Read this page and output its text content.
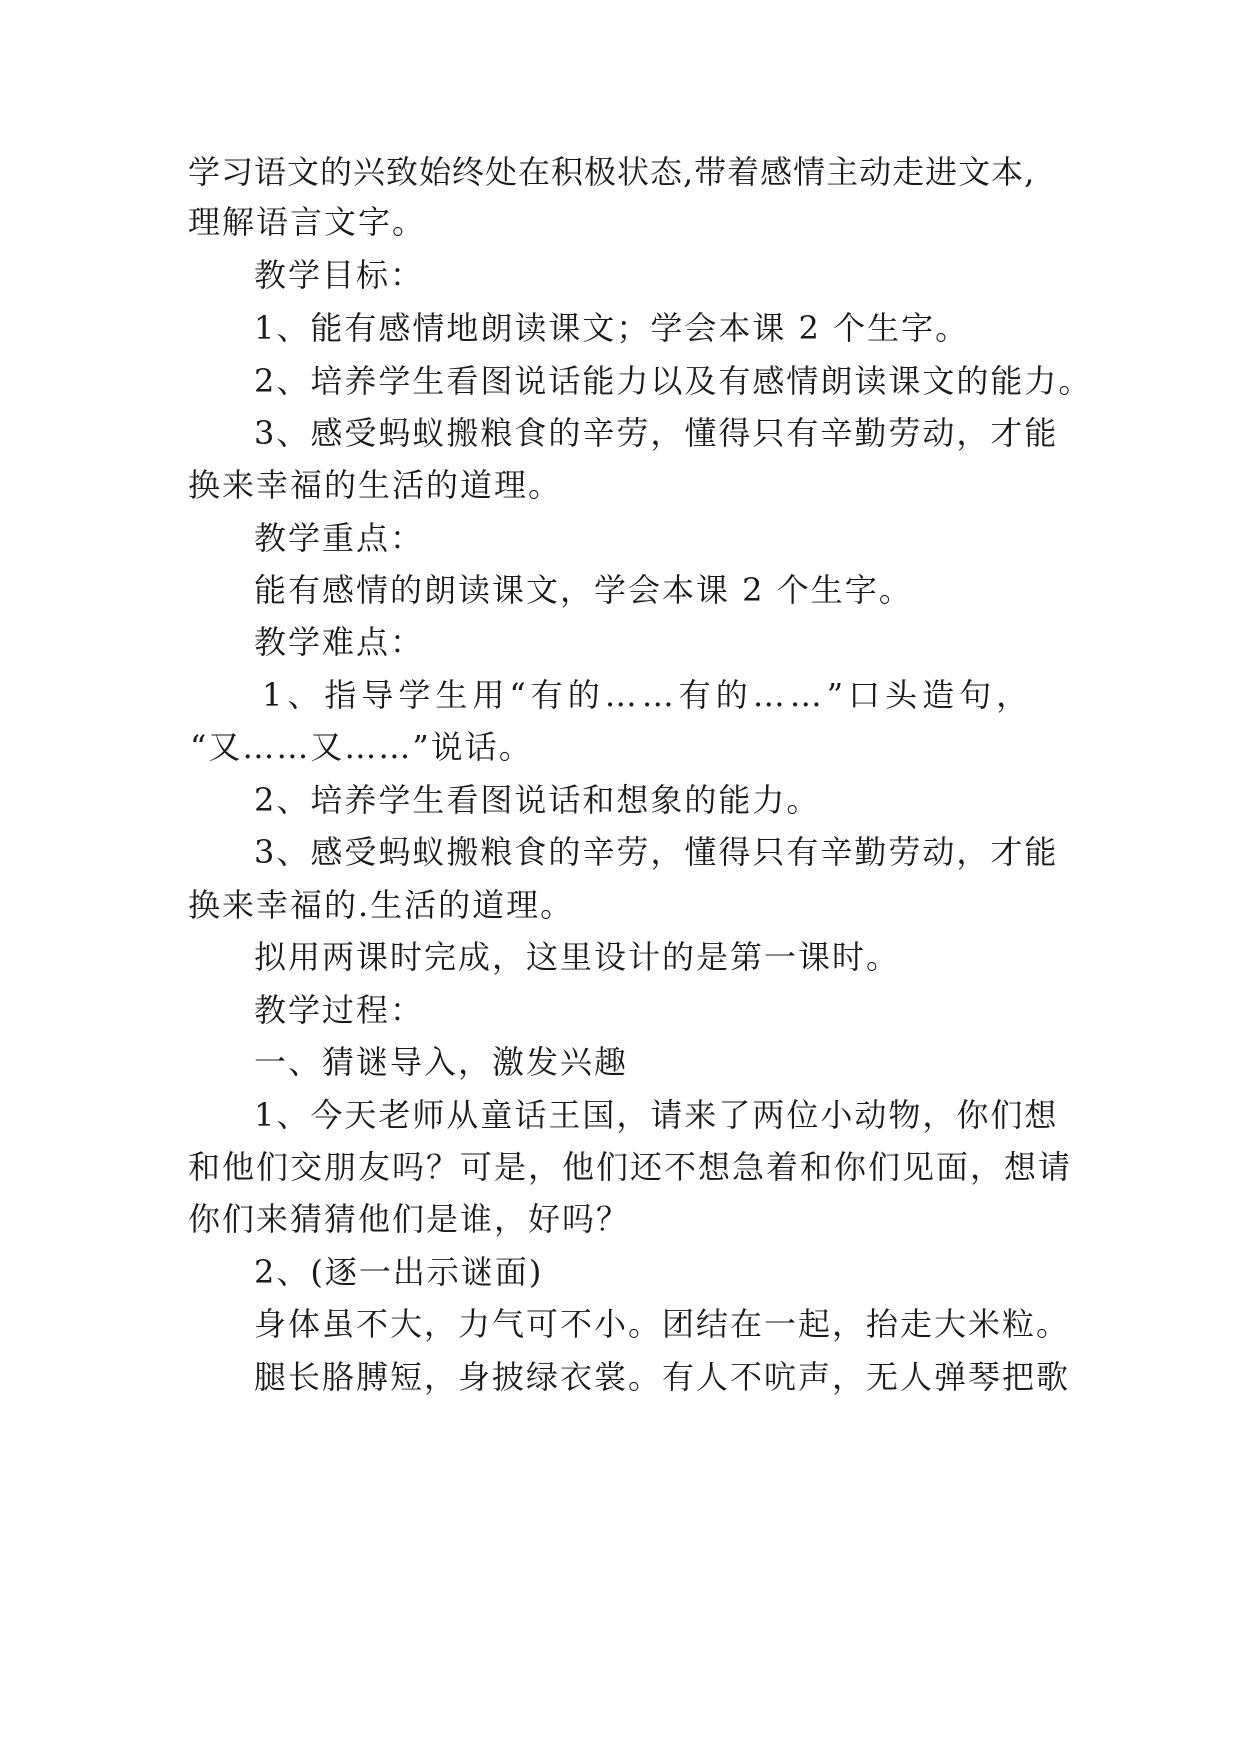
学习语文的兴致始终处在积极状态,带着感情主动走进文本,
理解语言文字。
教学目标：
1、能有感情地朗读课文；学会本课 2 个生字。
2、培养学生看图说话能力以及有感情朗读课文的能力。
3、感受蚂蚁搬粮食的辛劳，懂得只有辛勤劳动，才能
换来幸福的生活的道理。
教学重点：
能有感情的朗读课文，学会本课 2 个生字。
教学难点：
1、指导学生用“有的……有的……”口头造句，
“又……又……”说话。
2、培养学生看图说话和想象的能力。
3、感受蚂蚁搬粮食的辛劳，懂得只有辛勤劳动，才能
换来幸福的.生活的道理。
拟用两课时完成，这里设计的是第一课时。
教学过程：
一、猜谜导入，激发兴趣
1、今天老师从童话王国，请来了两位小动物，你们想
和他们交朋友吗？可是，他们还不想急着和你们见面，想请
你们来猜猜他们是谁，好吗？
2、(逐一出示谜面)
身体虽不大，力气可不小。团结在一起，抬走大米粒。
腿长胳膊短，身披绿衣裳。有人不吭声，无人弹琴把歌
